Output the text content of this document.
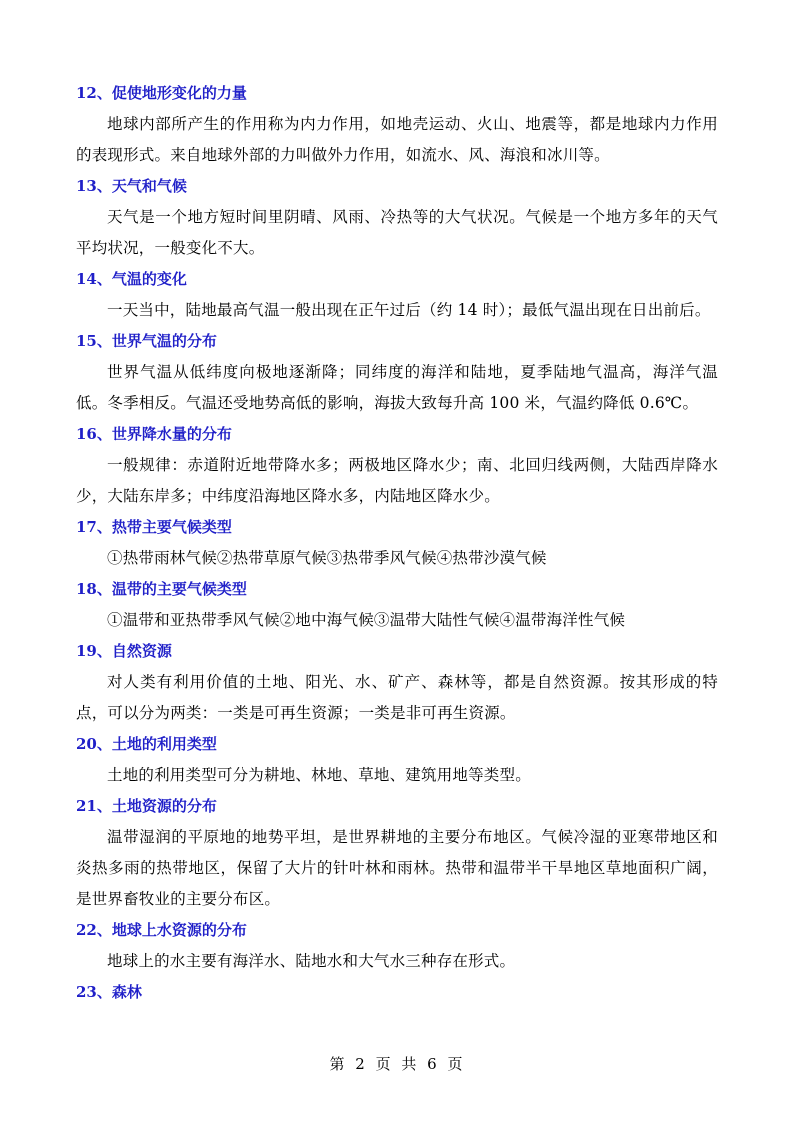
12、促使地形变化的力量
地球内部所产生的作用称为内力作用，如地壳运动、火山、地震等，都是地球内力作用的表现形式。来自地球外部的力叫做外力作用，如流水、风、海浪和冰川等。
13、天气和气候
天气是一个地方短时间里阴晴、风雨、冷热等的大气状况。气候是一个地方多年的天气平均状况，一般变化不大。
14、气温的变化
一天当中，陆地最高气温一般出现在正午过后（约 14 时）；最低气温出现在日出前后。
15、世界气温的分布
世界气温从低纬度向极地逐渐降；同纬度的海洋和陆地，夏季陆地气温高，海洋气温低。冬季相反。气温还受地势高低的影响，海拔大致每升高 100 米，气温约降低 0.6℃。
16、世界降水量的分布
一般规律：赤道附近地带降水多；两极地区降水少；南、北回归线两侧，大陆西岸降水少，大陆东岸多；中纬度沿海地区降水多，内陆地区降水少。
17、热带主要气候类型
①热带雨林气候②热带草原气候③热带季风气候④热带沙漠气候
18、温带的主要气候类型
①温带和亚热带季风气候②地中海气候③温带大陆性气候④温带海洋性气候
19、自然资源
对人类有利用价值的土地、阳光、水、矿产、森林等，都是自然资源。按其形成的特点，可以分为两类：一类是可再生资源；一类是非可再生资源。
20、土地的利用类型
土地的利用类型可分为耕地、林地、草地、建筑用地等类型。
21、土地资源的分布
温带湿润的平原地的地势平坦，是世界耕地的主要分布地区。气候冷湿的亚寒带地区和炎热多雨的热带地区，保留了大片的针叶林和雨林。热带和温带半干旱地区草地面积广阔，是世界畜牧业的主要分布区。
22、地球上水资源的分布
地球上的水主要有海洋水、陆地水和大气水三种存在形式。
23、森林
第 2 页 共 6 页
